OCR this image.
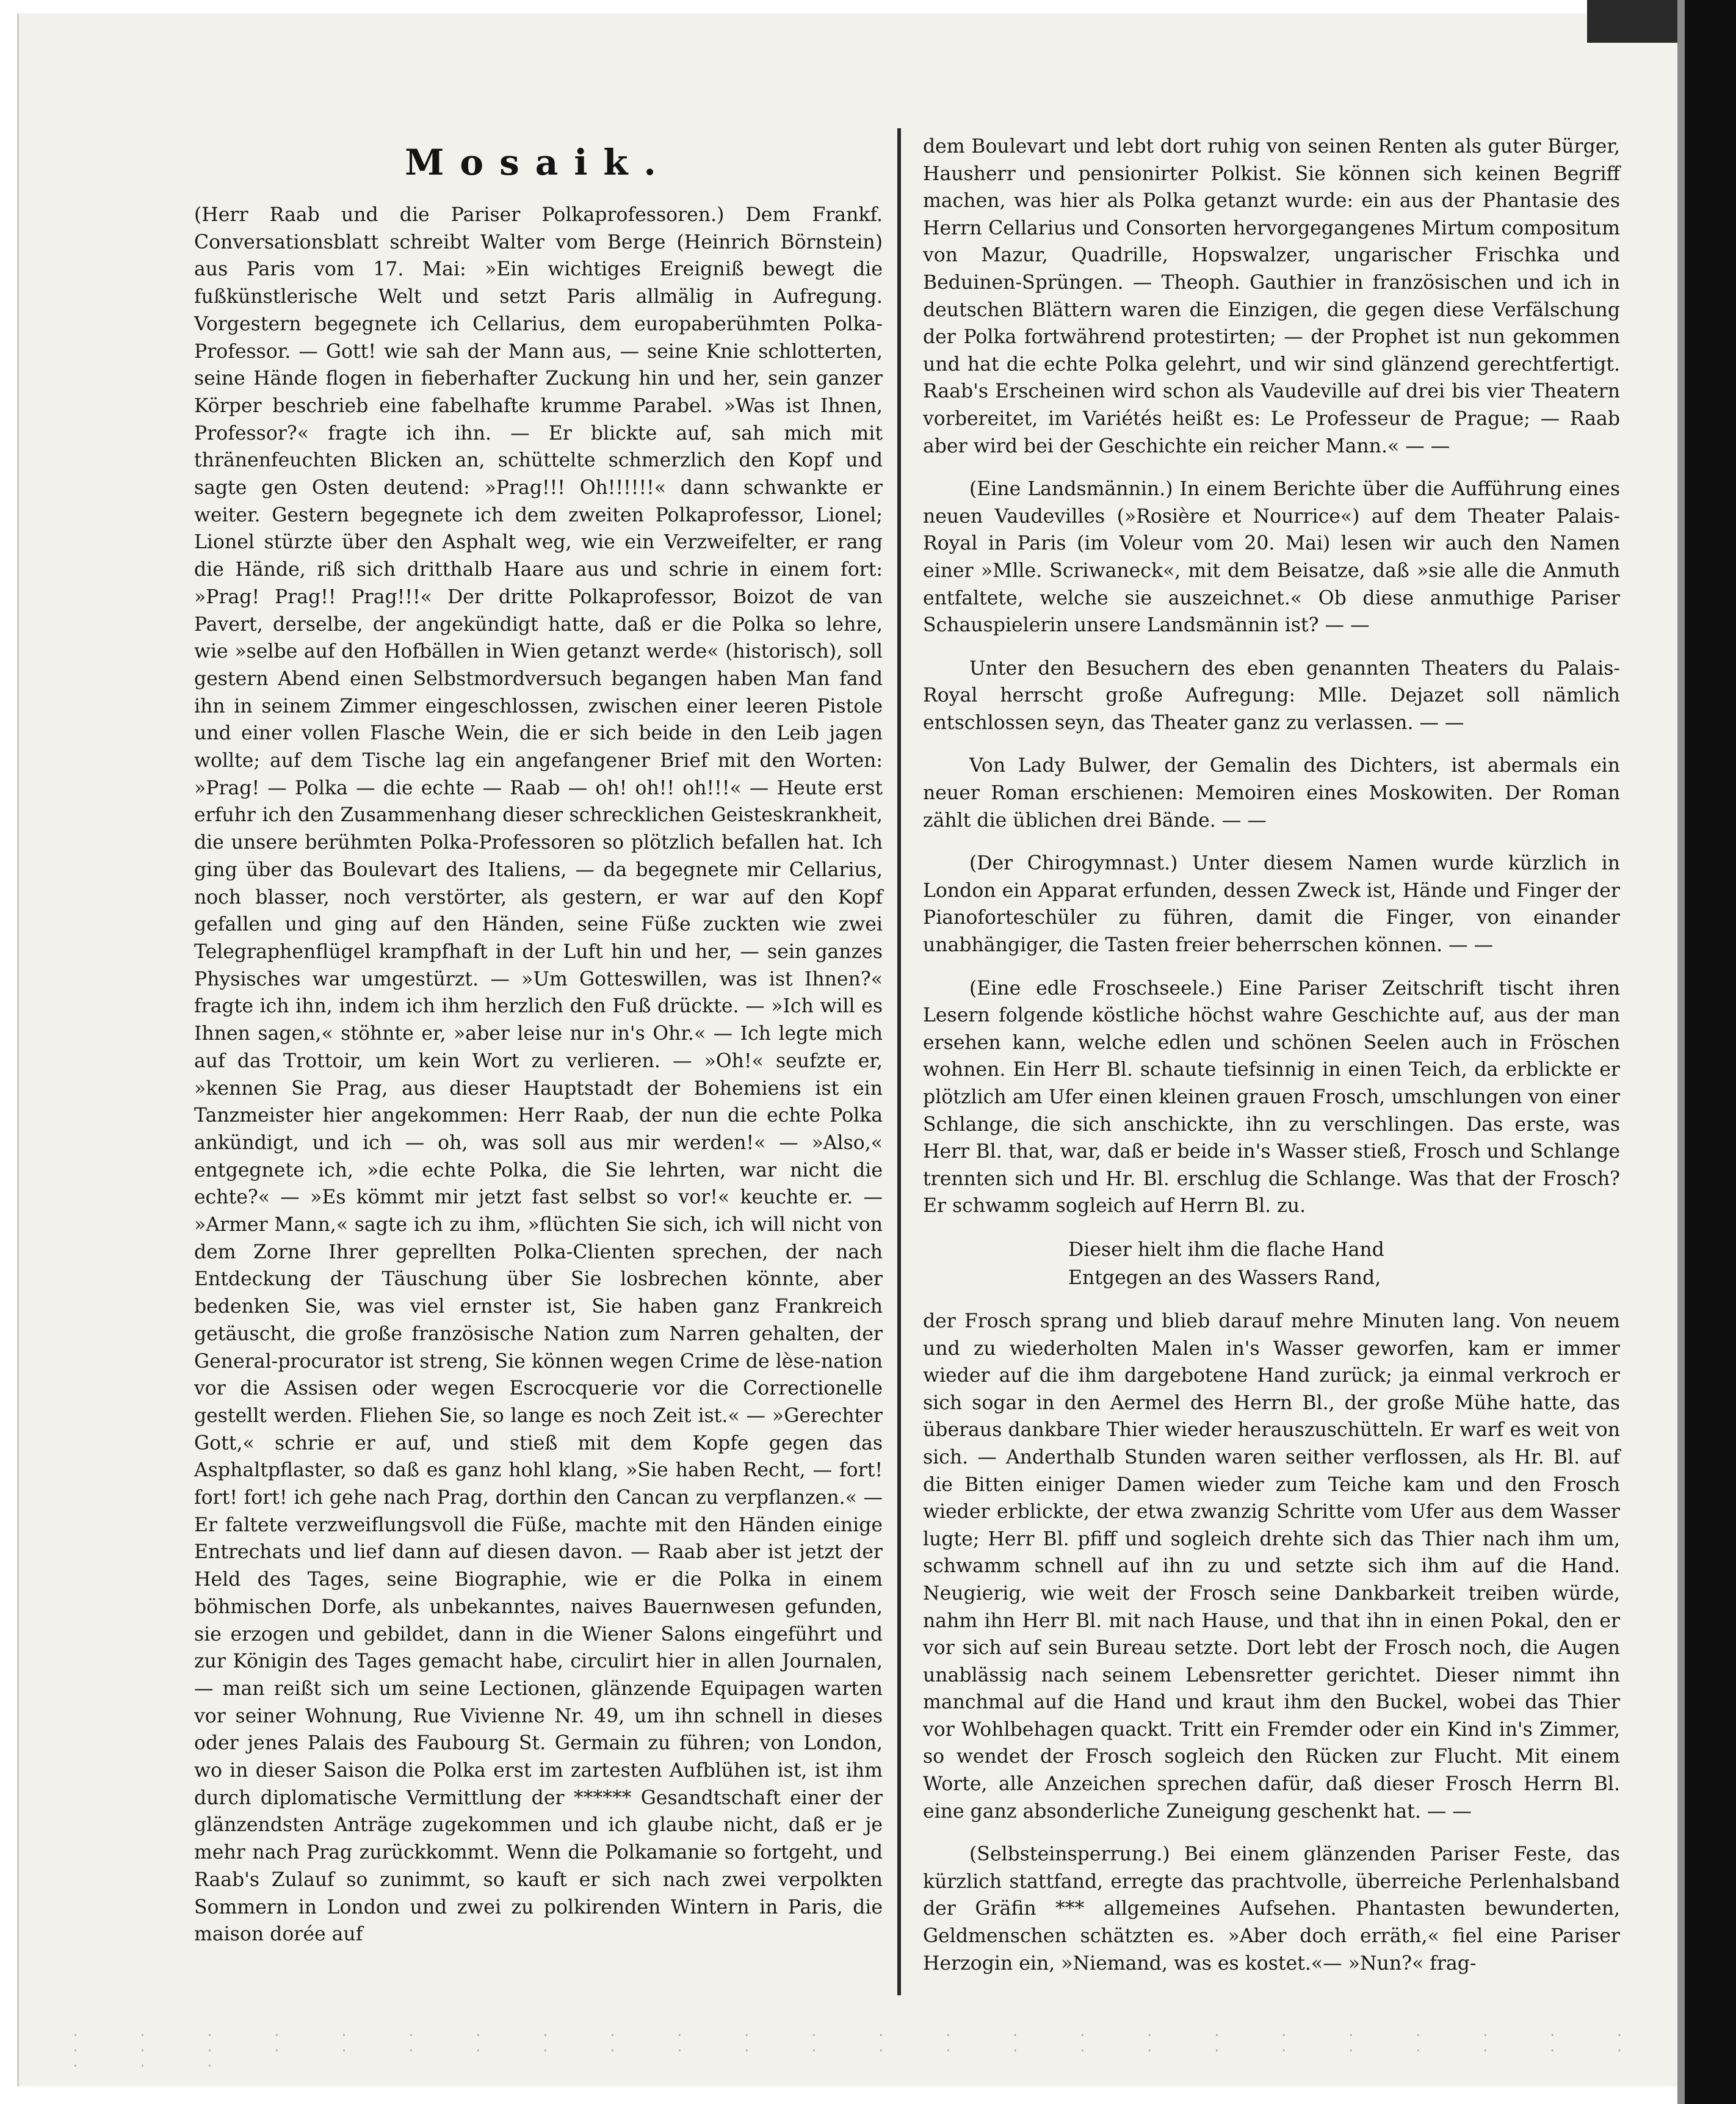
Mosaik.

(Herr Raab und die Pariser Polkaprofessoren.) Dem Frankf. Conversationsblatt schreibt Walter vom Berge (Heinrich Börnstein) aus Paris vom 17. Mai: »Ein wichtiges Ereigniß bewegt die fußkünstlerische Welt und setzt Paris allmälig in Aufregung. Vorgestern begegnete ich Cellarius, dem europaberühmten Polka-Professor. — Gott! wie sah der Mann aus, — seine Knie schlotterten, seine Hände flogen in fieberhafter Zuckung hin und her, sein ganzer Körper beschrieb eine fabelhafte krumme Parabel. »Was ist Ihnen, Professor?« fragte ich ihn. — Er blickte auf, sah mich mit thränenfeuchten Blicken an, schüttelte schmerzlich den Kopf und sagte gen Osten deutend: »Prag!!! Oh!!!!!!« dann schwankte er weiter. Gestern begegnete ich dem zweiten Polkaprofessor, Lionel; Lionel stürzte über den Asphalt weg, wie ein Verzweifelter, er rang die Hände, riß sich dritthalb Haare aus und schrie in einem fort: »Prag! Prag!! Prag!!!« Der dritte Polkaprofessor, Boizot de van Pavert, derselbe, der angekündigt hatte, daß er die Polka so lehre, wie »selbe auf den Hofbällen in Wien getanzt werde« (historisch), soll gestern Abend einen Selbstmordversuch begangen haben Man fand ihn in seinem Zimmer eingeschlossen, zwischen einer leeren Pistole und einer vollen Flasche Wein, die er sich beide in den Leib jagen wollte; auf dem Tische lag ein angefangener Brief mit den Worten: »Prag! — Polka — die echte — Raab — oh! oh!! oh!!!« — Heute erst erfuhr ich den Zusammenhang dieser schrecklichen Geisteskrankheit, die unsere berühmten Polka-Professoren so plötzlich befallen hat. Ich ging über das Boulevart des Italiens, — da begegnete mir Cellarius, noch blasser, noch verstörter, als gestern, er war auf den Kopf gefallen und ging auf den Händen, seine Füße zuckten wie zwei Telegraphenflügel krampfhaft in der Luft hin und her, — sein ganzes Physisches war umgestürzt. — »Um Gotteswillen, was ist Ihnen?« fragte ich ihn, indem ich ihm herzlich den Fuß drückte. — »Ich will es Ihnen sagen,« stöhnte er, »aber leise nur in's Ohr.« — Ich legte mich auf das Trottoir, um kein Wort zu verlieren. — »Oh!« seufzte er, »kennen Sie Prag, aus dieser Hauptstadt der Bohemiens ist ein Tanzmeister hier angekommen: Herr Raab, der nun die echte Polka ankündigt, und ich — oh, was soll aus mir werden!« — »Also,« entgegnete ich, »die echte Polka, die Sie lehrten, war nicht die echte?« — »Es kömmt mir jetzt fast selbst so vor!« keuchte er. — »Armer Mann,« sagte ich zu ihm, »flüchten Sie sich, ich will nicht von dem Zorne Ihrer geprellten Polka-Clienten sprechen, der nach Entdeckung der Täuschung über Sie losbrechen könnte, aber bedenken Sie, was viel ernster ist, Sie haben ganz Frankreich getäuscht, die große französische Nation zum Narren gehalten, der General-procurator ist streng, Sie können wegen Crime de lèse-nation vor die Assisen oder wegen Escrocquerie vor die Correctionelle gestellt werden. Fliehen Sie, so lange es noch Zeit ist.« — »Gerechter Gott,« schrie er auf, und stieß mit dem Kopfe gegen das Asphaltpflaster, so daß es ganz hohl klang, »Sie haben Recht, — fort! fort! fort! ich gehe nach Prag, dorthin den Cancan zu verpflanzen.« — Er faltete verzweiflungsvoll die Füße, machte mit den Händen einige Entrechats und lief dann auf diesen davon. — Raab aber ist jetzt der Held des Tages, seine Biographie, wie er die Polka in einem böhmischen Dorfe, als unbekanntes, naives Bauernwesen gefunden, sie erzogen und gebildet, dann in die Wiener Salons eingeführt und zur Königin des Tages gemacht habe, circulirt hier in allen Journalen, — man reißt sich um seine Lectionen, glänzende Equipagen warten vor seiner Wohnung, Rue Vivienne Nr. 49, um ihn schnell in dieses oder jenes Palais des Faubourg St. Germain zu führen; von London, wo in dieser Saison die Polka erst im zartesten Aufblühen ist, ist ihm durch diplomatische Vermittlung der ****** Gesandtschaft einer der glänzendsten Anträge zugekommen und ich glaube nicht, daß er je mehr nach Prag zurückkommt. Wenn die Polkamanie so fortgeht, und Raab's Zulauf so zunimmt, so kauft er sich nach zwei verpolkten Sommern in London und zwei zu polkirenden Wintern in Paris, die maison dorée auf

dem Boulevart und lebt dort ruhig von seinen Renten als guter Bürger, Hausherr und pensionirter Polkist. Sie können sich keinen Begriff machen, was hier als Polka getanzt wurde: ein aus der Phantasie des Herrn Cellarius und Consorten hervorgegangenes Mirtum compositum von Mazur, Quadrille, Hopswalzer, ungarischer Frischka und Beduinen-Sprüngen. — Theoph. Gauthier in französischen und ich in deutschen Blättern waren die Einzigen, die gegen diese Verfälschung der Polka fortwährend protestirten; — der Prophet ist nun gekommen und hat die echte Polka gelehrt, und wir sind glänzend gerechtfertigt. Raab's Erscheinen wird schon als Vaudeville auf drei bis vier Theatern vorbereitet, im Variétés heißt es: Le Professeur de Prague; — Raab aber wird bei der Geschichte ein reicher Mann.« — —

(Eine Landsmännin.) In einem Berichte über die Aufführung eines neuen Vaudevilles (»Rosière et Nourrice«) auf dem Theater Palais-Royal in Paris (im Voleur vom 20. Mai) lesen wir auch den Namen einer »Mlle. Scriwaneck«, mit dem Beisatze, daß »sie alle die Anmuth entfaltete, welche sie auszeichnet.« Ob diese anmuthige Pariser Schauspielerin unsere Landsmännin ist? — —

Unter den Besuchern des eben genannten Theaters du Palais-Royal herrscht große Aufregung: Mlle. Dejazet soll nämlich entschlossen seyn, das Theater ganz zu verlassen. — —

Von Lady Bulwer, der Gemalin des Dichters, ist abermals ein neuer Roman erschienen: Memoiren eines Moskowiten. Der Roman zählt die üblichen drei Bände. — —

(Der Chirogymnast.) Unter diesem Namen wurde kürzlich in London ein Apparat erfunden, dessen Zweck ist, Hände und Finger der Pianoforteschüler zu führen, damit die Finger, von einander unabhängiger, die Tasten freier beherrschen können. — —

(Eine edle Froschseele.) Eine Pariser Zeitschrift tischt ihren Lesern folgende köstliche höchst wahre Geschichte auf, aus der man ersehen kann, welche edlen und schönen Seelen auch in Fröschen wohnen. Ein Herr Bl. schaute tiefsinnig in einen Teich, da erblickte er plötzlich am Ufer einen kleinen grauen Frosch, umschlungen von einer Schlange, die sich anschickte, ihn zu verschlingen. Das erste, was Herr Bl. that, war, daß er beide in's Wasser stieß, Frosch und Schlange trennten sich und Hr. Bl. erschlug die Schlange. Was that der Frosch? Er schwamm sogleich auf Herrn Bl. zu.

Dieser hielt ihm die flache Hand
Entgegen an des Wassers Rand,

der Frosch sprang und blieb darauf mehre Minuten lang. Von neuem und zu wiederholten Malen in's Wasser geworfen, kam er immer wieder auf die ihm dargebotene Hand zurück; ja einmal verkroch er sich sogar in den Aermel des Herrn Bl., der große Mühe hatte, das überaus dankbare Thier wieder herauszuschütteln. Er warf es weit von sich. — Anderthalb Stunden waren seither verflossen, als Hr. Bl. auf die Bitten einiger Damen wieder zum Teiche kam und den Frosch wieder erblickte, der etwa zwanzig Schritte vom Ufer aus dem Wasser lugte; Herr Bl. pfiff und sogleich drehte sich das Thier nach ihm um, schwamm schnell auf ihn zu und setzte sich ihm auf die Hand. Neugierig, wie weit der Frosch seine Dankbarkeit treiben würde, nahm ihn Herr Bl. mit nach Hause, und that ihn in einen Pokal, den er vor sich auf sein Bureau setzte. Dort lebt der Frosch noch, die Augen unablässig nach seinem Lebensretter gerichtet. Dieser nimmt ihn manchmal auf die Hand und kraut ihm den Buckel, wobei das Thier vor Wohlbehagen quackt. Tritt ein Fremder oder ein Kind in's Zimmer, so wendet der Frosch sogleich den Rücken zur Flucht. Mit einem Worte, alle Anzeichen sprechen dafür, daß dieser Frosch Herrn Bl. eine ganz absonderliche Zuneigung geschenkt hat. — —

(Selbsteinsperrung.) Bei einem glänzenden Pariser Feste, das kürzlich stattfand, erregte das prachtvolle, überreiche Perlenhalsband der Gräfin *** allgemeines Aufsehen. Phantasten bewunderten, Geldmenschen schätzten es. »Aber doch erräth,« fiel eine Pariser Herzogin ein, »Niemand, was es kostet.«— »Nun?« frag-

· · · · · · · · · · · · · · · · · · · · · · · · · · · · · · · · · · · · · · · · · · · · · · · · · · ·
